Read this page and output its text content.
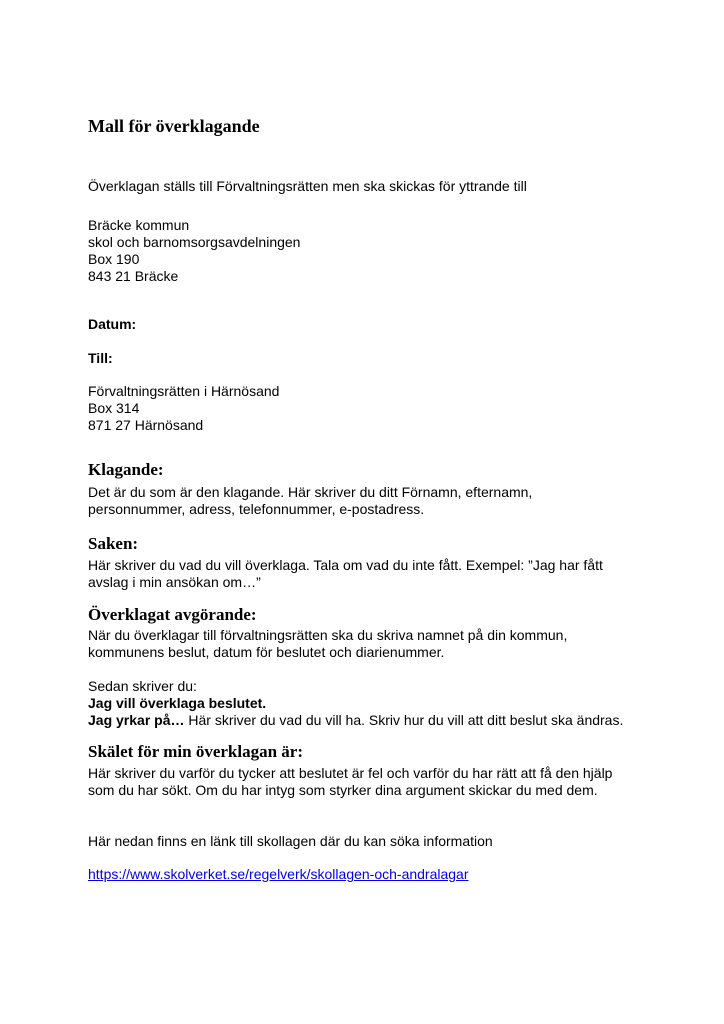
Mall för överklagande

Överklagan ställs till Förvaltningsrätten men ska skickas för yttrande till

Bräcke kommun
skol och barnomsorgsavdelningen
Box 190
843 21 Bräcke
Datum:
Till:
Förvaltningsrätten i Härnösand
Box 314
871 27 Härnösand
Klagande:
Det är du som är den klagande. Här skriver du ditt Förnamn, efternamn,
personnummer, adress, telefonnummer, e-postadress.
Saken:
Här skriver du vad du vill överklaga. Tala om vad du inte fått. Exempel: ”Jag har fått
avslag i min ansökan om…”
Överklagat avgörande:
När du överklagar till förvaltningsrätten ska du skriva namnet på din kommun,
kommunens beslut, datum för beslutet och diarienummer.
Sedan skriver du:
Jag vill överklaga beslutet.
Jag yrkar på… Här skriver du vad du vill ha. Skriv hur du vill att ditt beslut ska ändras.
Skälet för min överklagan är:
Här skriver du varför du tycker att beslutet är fel och varför du har rätt att få den hjälp
som du har sökt. Om du har intyg som styrker dina argument skickar du med dem.

Här nedan finns en länk till skollagen där du kan söka information

https://www.skolverket.se/regelverk/skollagen-och-andralagar
